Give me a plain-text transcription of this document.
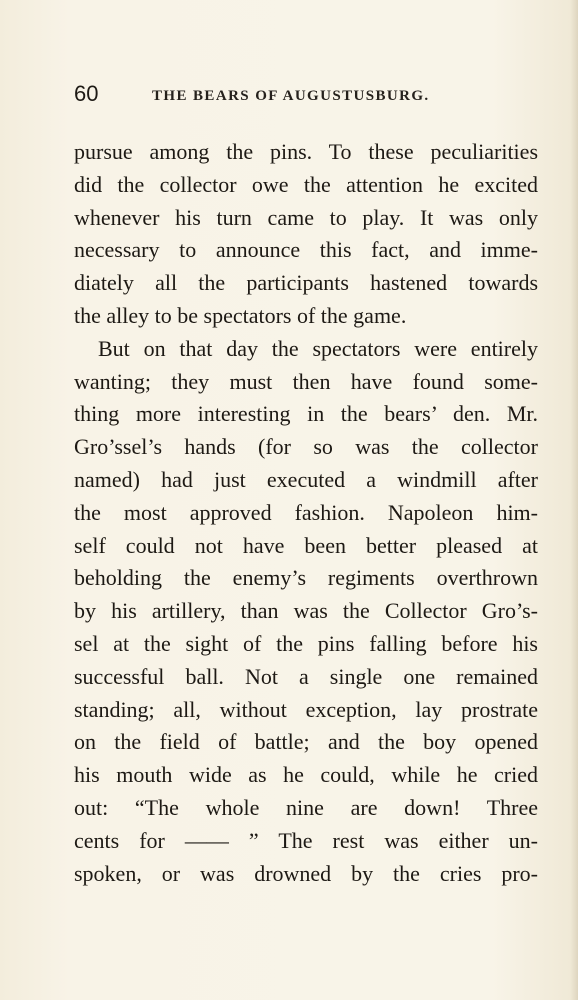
60	THE BEARS OF AUGUSTUSBURG.
pursue among the pins. To these peculiarities
did the collector owe the attention he excited
whenever his turn came to play. It was only
necessary to announce this fact, and imme-
diately all the participants hastened towards
the alley to be spectators of the game.
But on that day the spectators were entirely
wanting; they must then have found some-
thing more interesting in the bears’ den. Mr.
Gro’ssel’s hands (for so was the collector
named) had just executed a windmill after
the most approved fashion. Napoleon him-
self could not have been better pleased at
beholding the enemy’s regiments overthrown
by his artillery, than was the Collector Gro’s-
sel at the sight of the pins falling before his
successful ball. Not a single one remained
standing; all, without exception, lay prostrate
on the field of battle; and the boy opened
his mouth wide as he could, while he cried
out: “The whole nine are down! Three
cents for —— ” The rest was either un-
spoken, or was drowned by the cries pro-
